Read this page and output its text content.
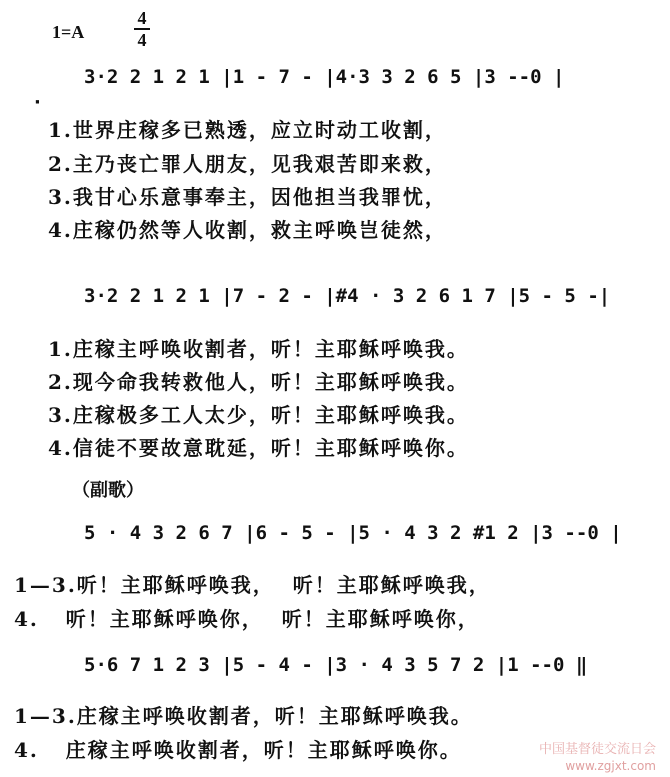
1=A
4
4
3·2 2 1 2 1 |1 - 7 - |4·3 3 2 6 5 |3 --0 |
·
1.世界庄稼多已熟透，应立时动工收割，
2.主乃丧亡罪人朋友，见我艰苦即来救，
3.我甘心乐意事奉主，因他担当我罪忧，
4.庄稼仍然等人收割，救主呼唤岂徒然，
3·2 2 1 2 1 |7 - 2 - |#4 · 3 2 6 1 7 |5 - 5 -|
1.庄稼主呼唤收割者，听！主耶稣呼唤我。
2.现今命我转救他人，听！主耶稣呼唤我。
3.庄稼极多工人太少，听！主耶稣呼唤我。
4.信徒不要故意耽延，听！主耶稣呼唤你。
（副歌）
5 · 4 3 2 6 7 |6 - 5 - |5 · 4 3 2 #1 2 |3 --0 |
1—3.听！主耶稣呼唤我，  听！主耶稣呼唤我，
4.   听！主耶稣呼唤你，  听！主耶稣呼唤你，
5·6 7 1 2 3 |5 - 4 - |3 · 4 3 5 7 2 |1 --0 ‖
1—3.庄稼主呼唤收割者，听！主耶稣呼唤我。
4.   庄稼主呼唤收割者，听！主耶稣呼唤你。	中国基督徒交流日会
www.zgjxt.com
